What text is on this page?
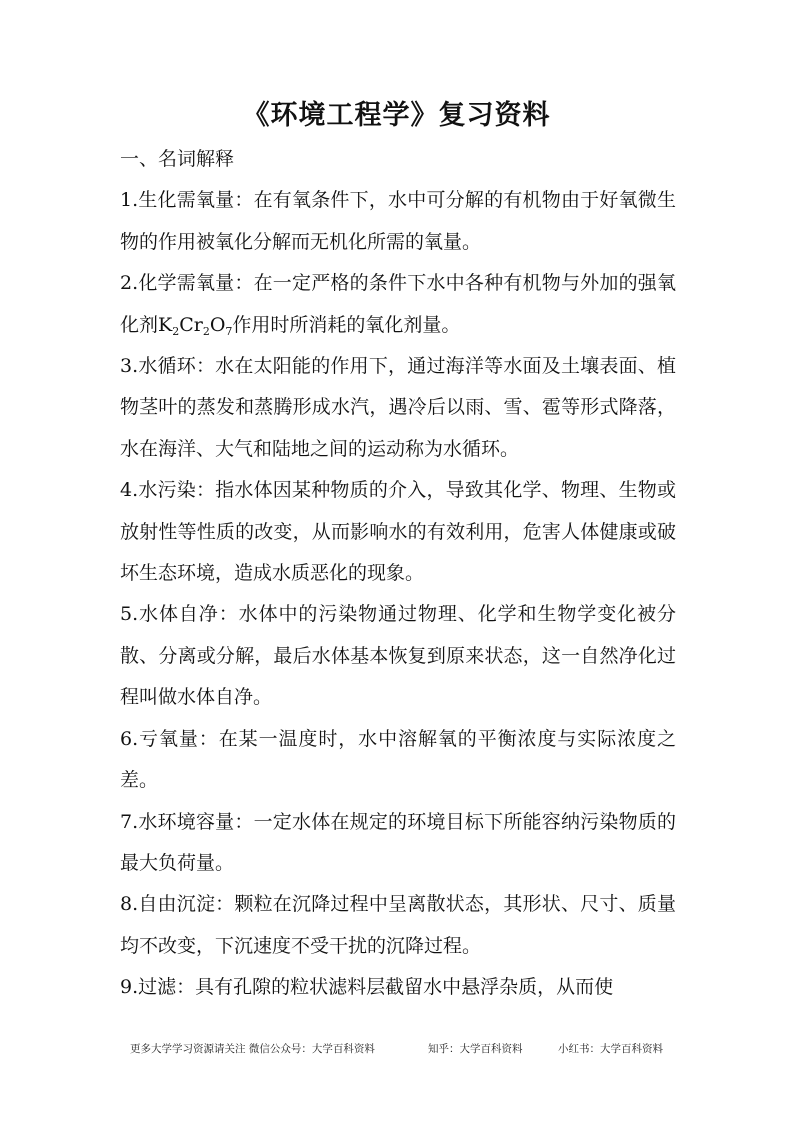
《环境工程学》复习资料

一、名词解释

1.生化需氧量：在有氧条件下，水中可分解的有机物由于好氧微生物的作用被氧化分解而无机化所需的氧量。

2.化学需氧量：在一定严格的条件下水中各种有机物与外加的强氧化剂$K_2Cr_2O_7$作用时所消耗的氧化剂量。

3.水循环：水在太阳能的作用下，通过海洋等水面及土壤表面、植物茎叶的蒸发和蒸腾形成水汽，遇冷后以雨、雪、雹等形式降落，水在海洋、大气和陆地之间的运动称为水循环。

4.水污染：指水体因某种物质的介入，导致其化学、物理、生物或放射性等性质的改变，从而影响水的有效利用，危害人体健康或破坏生态环境，造成水质恶化的现象。

5.水体自净：水体中的污染物通过物理、化学和生物学变化被分散、分离或分解，最后水体基本恢复到原来状态，这一自然净化过程叫做水体自净。

6.亏氧量：在某一温度时，水中溶解氧的平衡浓度与实际浓度之差。

7.水环境容量：一定水体在规定的环境目标下所能容纳污染物质的最大负荷量。

8.自由沉淀：颗粒在沉降过程中呈离散状态，其形状、尺寸、质量均不改变，下沉速度不受干扰的沉降过程。

9.过滤：具有孔隙的粒状滤料层截留水中悬浮杂质，从而使

更多大学学习资源请关注 微信公众号：大学百科资料	知乎：大学百科资料	小红书：大学百科资料
